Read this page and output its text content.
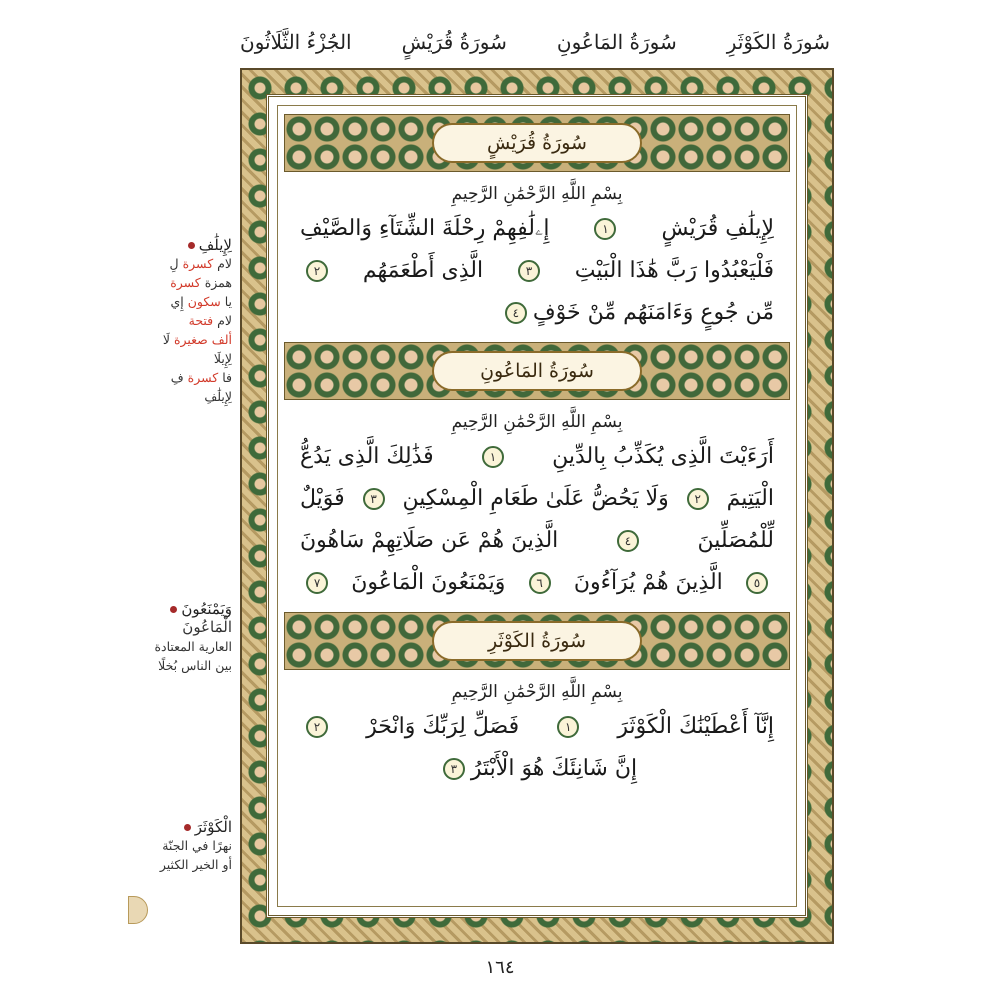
الجُزْءُ الثَّلَاثُونَ	سُورَةُ قُرَيْشٍ	سُورَةُ المَاعُونِ	سُورَةُ الكَوْثَرِ
لِإِيلَٰفِ
لام كسرة لِ
همزة كسرة
يا سكون إِي
لام فتحة
ألف صغيرة لَا
لِإِيلَا
فا كسرة فِ
لِإِيلَٰفِ
وَيَمْنَعُونَ
الْمَاعُونَ
العارية المعتادة
بين الناس بُخلًا
الْكَوْثَرَ
نهرًا في الجنّة
أو الخير الكثير
سُورَةُ قُرَيْشٍ
بِسْمِ اللَّهِ الرَّحْمَٰنِ الرَّحِيمِ
لِإِيلَٰفِ قُرَيْشٍ
١
إِۦلَٰفِهِمْ رِحْلَةَ الشِّتَآءِ وَالصَّيْفِ
فَلْيَعْبُدُوا رَبَّ هَٰذَا الْبَيْتِ
٣
الَّذِى أَطْعَمَهُم
٢
مِّن جُوعٍ وَءَامَنَهُم مِّنْ خَوْفٍ
٤
سُورَةُ المَاعُونِ
بِسْمِ اللَّهِ الرَّحْمَٰنِ الرَّحِيمِ
أَرَءَيْتَ الَّذِى يُكَذِّبُ بِالدِّينِ
١
فَذَٰلِكَ الَّذِى يَدُعُّ
الْيَتِيمَ
٢
وَلَا يَحُضُّ عَلَىٰ طَعَامِ الْمِسْكِينِ
٣
فَوَيْلٌ
لِّلْمُصَلِّينَ
٤
الَّذِينَ هُمْ عَن صَلَاتِهِمْ سَاهُونَ
٥
الَّذِينَ هُمْ يُرَآءُونَ
٦
وَيَمْنَعُونَ الْمَاعُونَ
٧
سُورَةُ الكَوْثَرِ
بِسْمِ اللَّهِ الرَّحْمَٰنِ الرَّحِيمِ
إِنَّآ أَعْطَيْنَٰكَ الْكَوْثَرَ
١
فَصَلِّ لِرَبِّكَ وَانْحَرْ
٢
إِنَّ شَانِئَكَ هُوَ الْأَبْتَرُ
٣
١٦٤
